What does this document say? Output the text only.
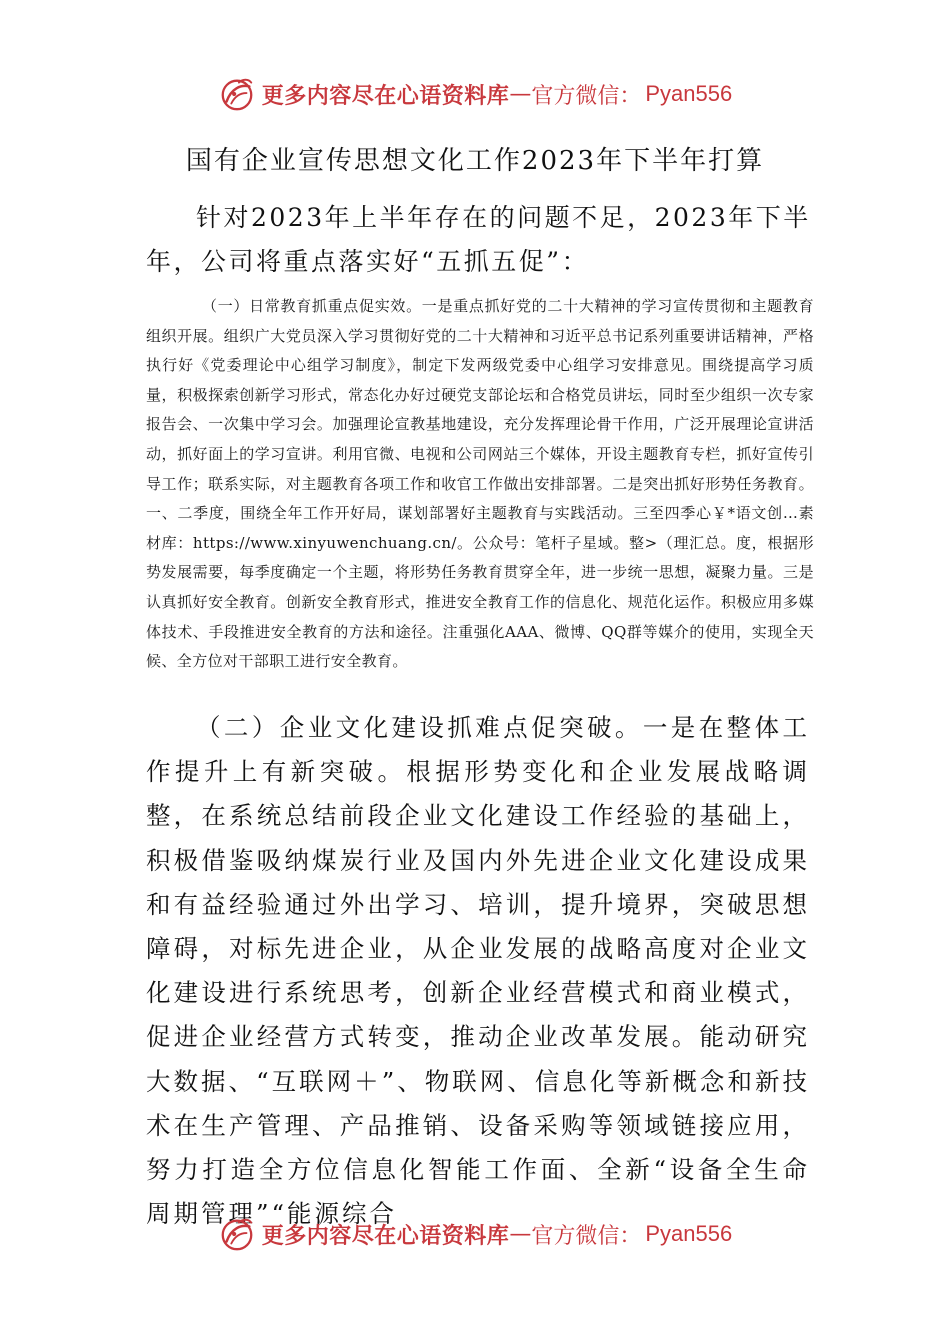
更多内容尽在心语资料库 — 官方微信： Pyan556
国有企业宣传思想文化工作2023年下半年打算

针对2023年上半年存在的问题不足，2023年下半年，公司将重点落实好“五抓五促”：

（一）日常教育抓重点促实效。一是重点抓好党的二十大精神的学习宣传贯彻和主题教育组织开展。组织广大党员深入学习贯彻好党的二十大精神和习近平总书记系列重要讲话精神，严格执行好《党委理论中心组学习制度》，制定下发两级党委中心组学习安排意见。围绕提高学习质量，积极探索创新学习形式，常态化办好过硬党支部论坛和合格党员讲坛，同时至少组织一次专家报告会、一次集中学习会。加强理论宣教基地建设，充分发挥理论骨干作用，广泛开展理论宣讲活动，抓好面上的学习宣讲。利用官微、电视和公司网站三个媒体，开设主题教育专栏，抓好宣传引导工作；联系实际，对主题教育各项工作和收官工作做出安排部署。二是突出抓好形势任务教育。一、二季度，围绕全年工作开好局，谋划部署好主题教育与实践活动。三至四季心￥*语文创…素材库：https://www.xinyuwenchuang.cn/。公众号：笔杆子星域。整>（理汇总。度，根据形势发展需要，每季度确定一个主题，将形势任务教育贯穿全年，进一步统一思想，凝聚力量。三是认真抓好安全教育。创新安全教育形式，推进安全教育工作的信息化、规范化运作。积极应用多媒体技术、手段推进安全教育的方法和途径。注重强化AAA、微博、QQ群等媒介的使用，实现全天候、全方位对干部职工进行安全教育。

（二）企业文化建设抓难点促突破。一是在整体工作提升上有新突破。根据形势变化和企业发展战略调整，在系统总结前段企业文化建设工作经验的基础上，积极借鉴吸纳煤炭行业及国内外先进企业文化建设成果和有益经验通过外出学习、培训，提升境界，突破思想障碍，对标先进企业，从企业发展的战略高度对企业文化建设进行系统思考，创新企业经营模式和商业模式，促进企业经营方式转变，推动企业改革发展。能动研究大数据、“互联网＋”、物联网、信息化等新概念和新技术在生产管理、产品推销、设备采购等领域链接应用，努力打造全方位信息化智能工作面、全新“设备全生命周期管理”“能源综合

更多内容尽在心语资料库 — 官方微信： Pyan556
